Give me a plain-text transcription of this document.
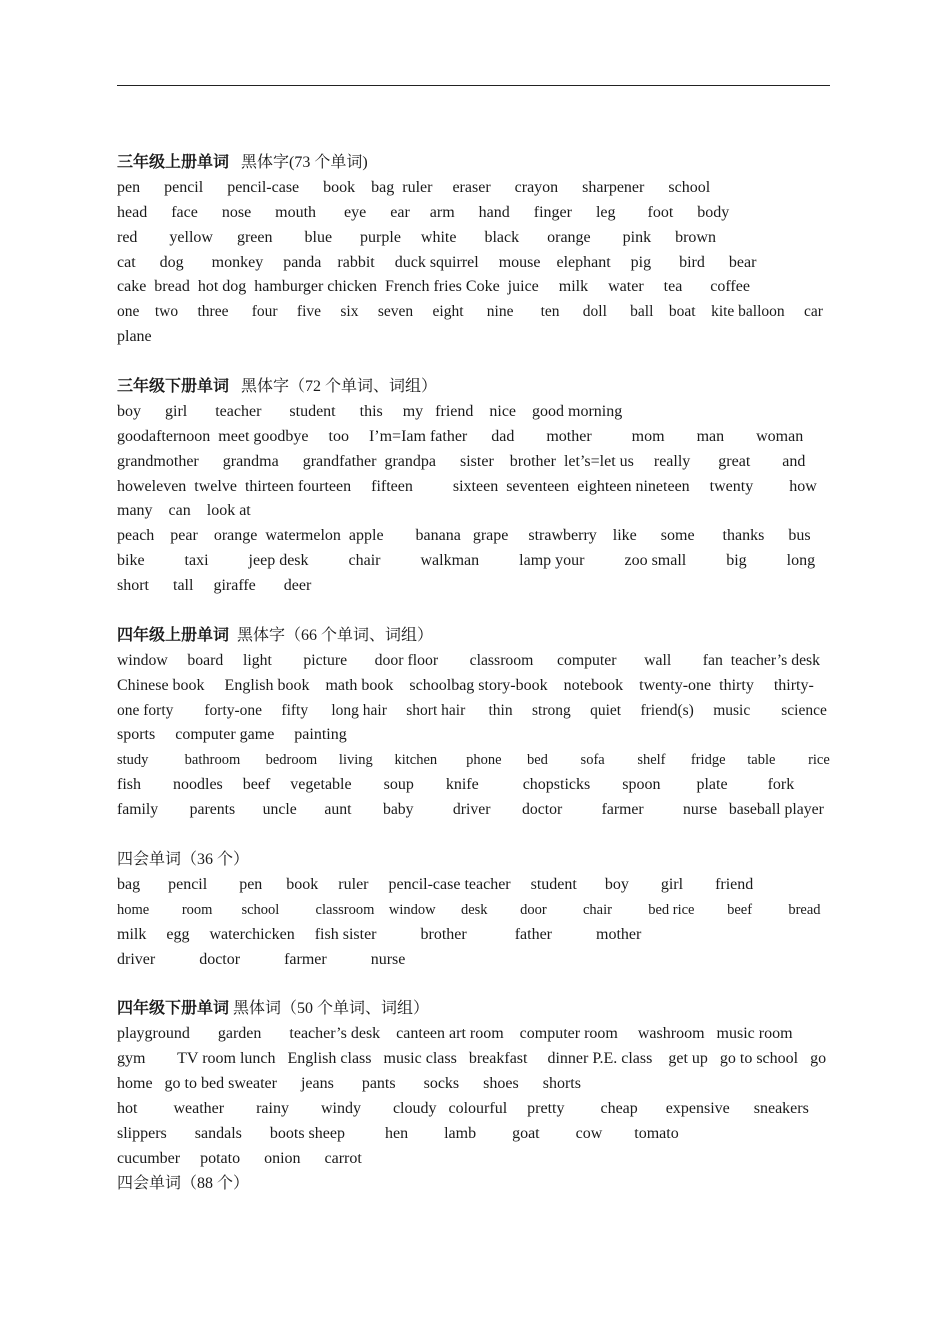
三年级上册单词   黑体字(73 个单词)
pen      pencil      pencil-case      book    bag  ruler     eraser      crayon      sharpener      school
head      face      nose      mouth       eye      ear     arm      hand      finger      leg        foot      body
red        yellow      green        blue       purple     white       black       orange        pink      brown
cat      dog       monkey     panda    rabbit     duck squirrel     mouse    elephant     pig       bird      bear
cake  bread  hot dog  hamburger chicken  French fries Coke  juice     milk     water     tea       coffee
one    two     three      four     five     six     seven     eight      nine       ten      doll      ball    boat    kite balloon     car
plane
三年级下册单词   黑体字（72 个单词、词组）
boy      girl       teacher       student      this     my   friend    nice    good morning
goodafternoon  meet goodbye     too     I’m=Iam father      dad        mother          mom        man        woman
grandmother      grandma      grandfather  grandpa      sister    brother  let’s=let us     really       great        and
howeleven  twelve  thirteen fourteen     fifteen          sixteen  seventeen  eighteen nineteen     twenty         how
many    can    look at
peach    pear    orange  watermelon  apple        banana   grape     strawberry    like      some       thanks      bus
bike          taxi          jeep desk          chair          walkman          lamp your          zoo small          big          long
short      tall     giraffe       deer
四年级上册单词  黑体字（66 个单词、词组）
window     board     light        picture       door floor        classroom      computer       wall        fan  teacher’s desk
Chinese book     English book    math book    schoolbag story-book    notebook    twenty-one  thirty     thirty-
one forty        forty-one     fifty      long hair     short hair      thin     strong     quiet     friend(s)     music        science
sports     computer game     painting
study          bathroom       bedroom      living      kitchen        phone       bed         sofa         shelf       fridge      table         rice
fish        noodles     beef     vegetable        soup        knife           chopsticks        spoon         plate          fork
family        parents       uncle       aunt        baby          driver        doctor          farmer          nurse   baseball player
四会单词（36 个）
bag       pencil        pen      book     ruler     pencil-case teacher     student       boy        girl        friend
home         room        school          classroom    window       desk         door          chair          bed rice         beef          bread
milk     egg     waterchicken     fish sister           brother            father           mother
driver           doctor           farmer           nurse
四年级下册单词 黑体词（50 个单词、词组）
playground       garden       teacher’s desk    canteen art room    computer room     washroom   music room
gym        TV room lunch   English class   music class   breakfast     dinner P.E. class    get up   go to school   go
home   go to bed sweater      jeans       pants       socks      shoes      shorts
hot         weather        rainy        windy        cloudy   colourful     pretty         cheap       expensive      sneakers
slippers       sandals       boots sheep          hen         lamb         goat         cow        tomato
cucumber     potato      onion      carrot
四会单词（88 个）
